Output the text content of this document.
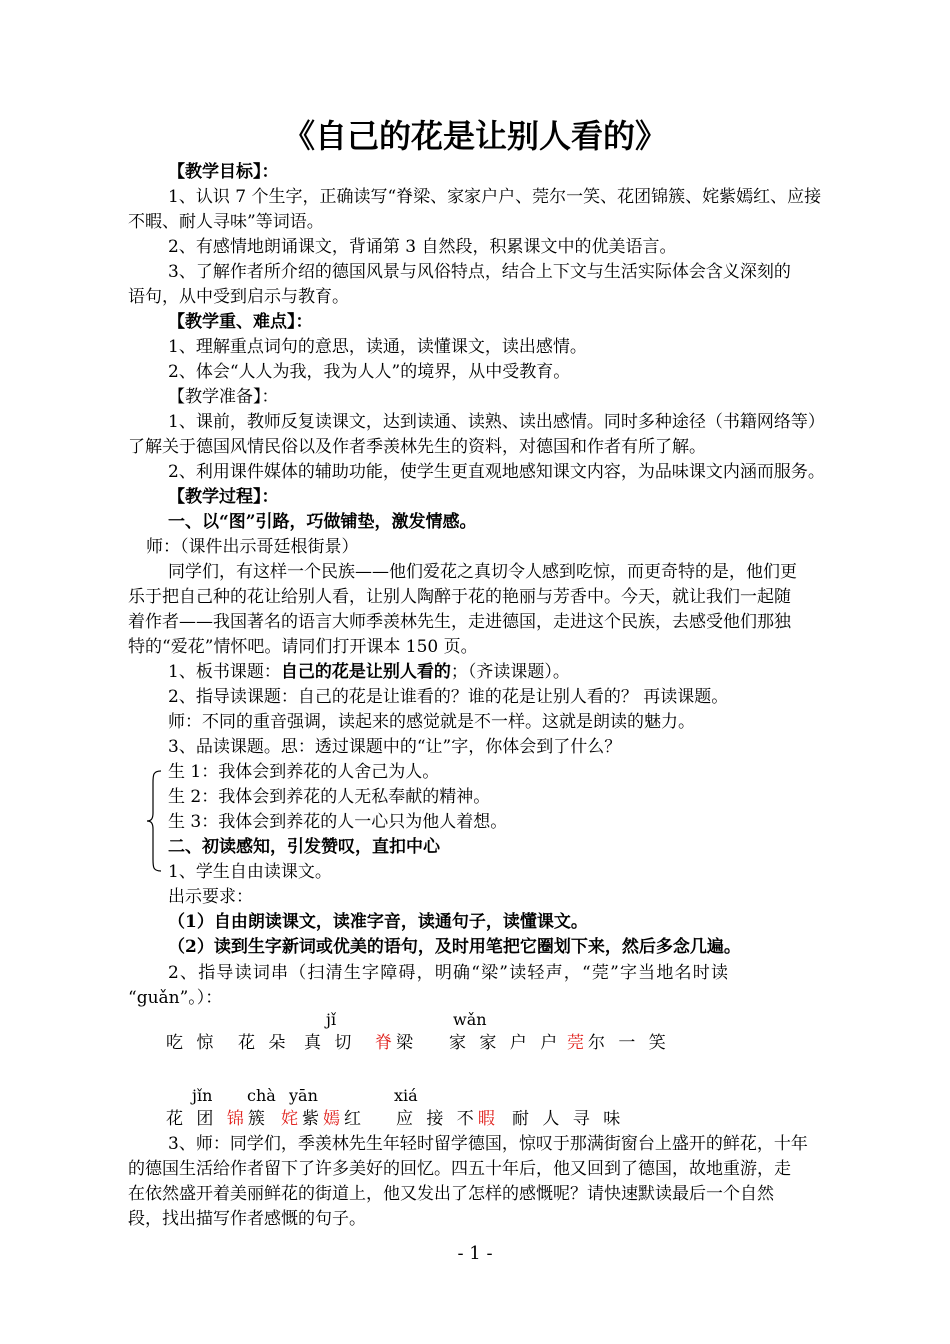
《自己的花是让别人看的》
【教学目标】：
1、认识 7 个生字，正确读写“脊梁、家家户户、莞尔一笑、花团锦簇、姹紫嫣红、应接
不暇、耐人寻味”等词语。
2、有感情地朗诵课文，背诵第 3 自然段，积累课文中的优美语言。
3、了解作者所介绍的德国风景与风俗特点，结合上下文与生活实际体会含义深刻的
语句，从中受到启示与教育。
【教学重、难点】：
1、理解重点词句的意思，读通，读懂课文，读出感情。
2、体会“人人为我，我为人人”的境界，从中受教育。
【教学准备】：
1、课前，教师反复读课文，达到读通、读熟、读出感情。同时多种途径（书籍网络等）
了解关于德国风情民俗以及作者季羡林先生的资料，对德国和作者有所了解。
2、利用课件媒体的辅助功能，使学生更直观地感知课文内容，为品味课文内涵而服务。
【教学过程】：
一、以“图”引路，巧做铺垫，激发情感。
师：（课件出示哥廷根街景）
同学们，有这样一个民族——他们爱花之真切令人感到吃惊，而更奇特的是，他们更
乐于把自己种的花让给别人看，让别人陶醉于花的艳丽与芳香中。今天，就让我们一起随
着作者——我国著名的语言大师季羡林先生，走进德国，走进这个民族，去感受他们那独
特的“爱花”情怀吧。请同们打开课本 150 页。
1、板书课题：自己的花是让别人看的；（齐读课题）。
2、指导读课题：自己的花是让谁看的？谁的花是让别人看的？ 再读课题。
师：不同的重音强调，读起来的感觉就是不一样。这就是朗读的魅力。
3、品读课题。思：透过课题中的“让”字，你体会到了什么？
生 1：我体会到养花的人舍己为人。
生 2：我体会到养花的人无私奉献的精神。
生 3：我体会到养花的人一心只为他人着想。
二、初读感知，引发赞叹，直扣中心
1、学生自由读课文。
出示要求：
（1）自由朗读课文，读准字音，读通句子，读懂课文。
（2）读到生字新词或优美的语句，及时用笔把它圈划下来，然后多念几遍。
2、指导读词串（扫清生字障碍，明确“梁”读轻声，“莞”字当地名时读
“guǎn”。）：
jǐ	wǎn
吃 惊 花 朵 真 切 脊梁 家 家 户 户 莞尔 一 笑
jǐn chà yān	xiá
花 团 锦簇 姹紫嫣红 应 接 不暇 耐 人 寻 味
3、师：同学们，季羡林先生年轻时留学德国，惊叹于那满街窗台上盛开的鲜花，十年
的德国生活给作者留下了许多美好的回忆。四五十年后，他又回到了德国，故地重游，走
在依然盛开着美丽鲜花的街道上，他又发出了怎样的感慨呢？请快速默读最后一个自然
段，找出描写作者感慨的句子。
- 1 -
